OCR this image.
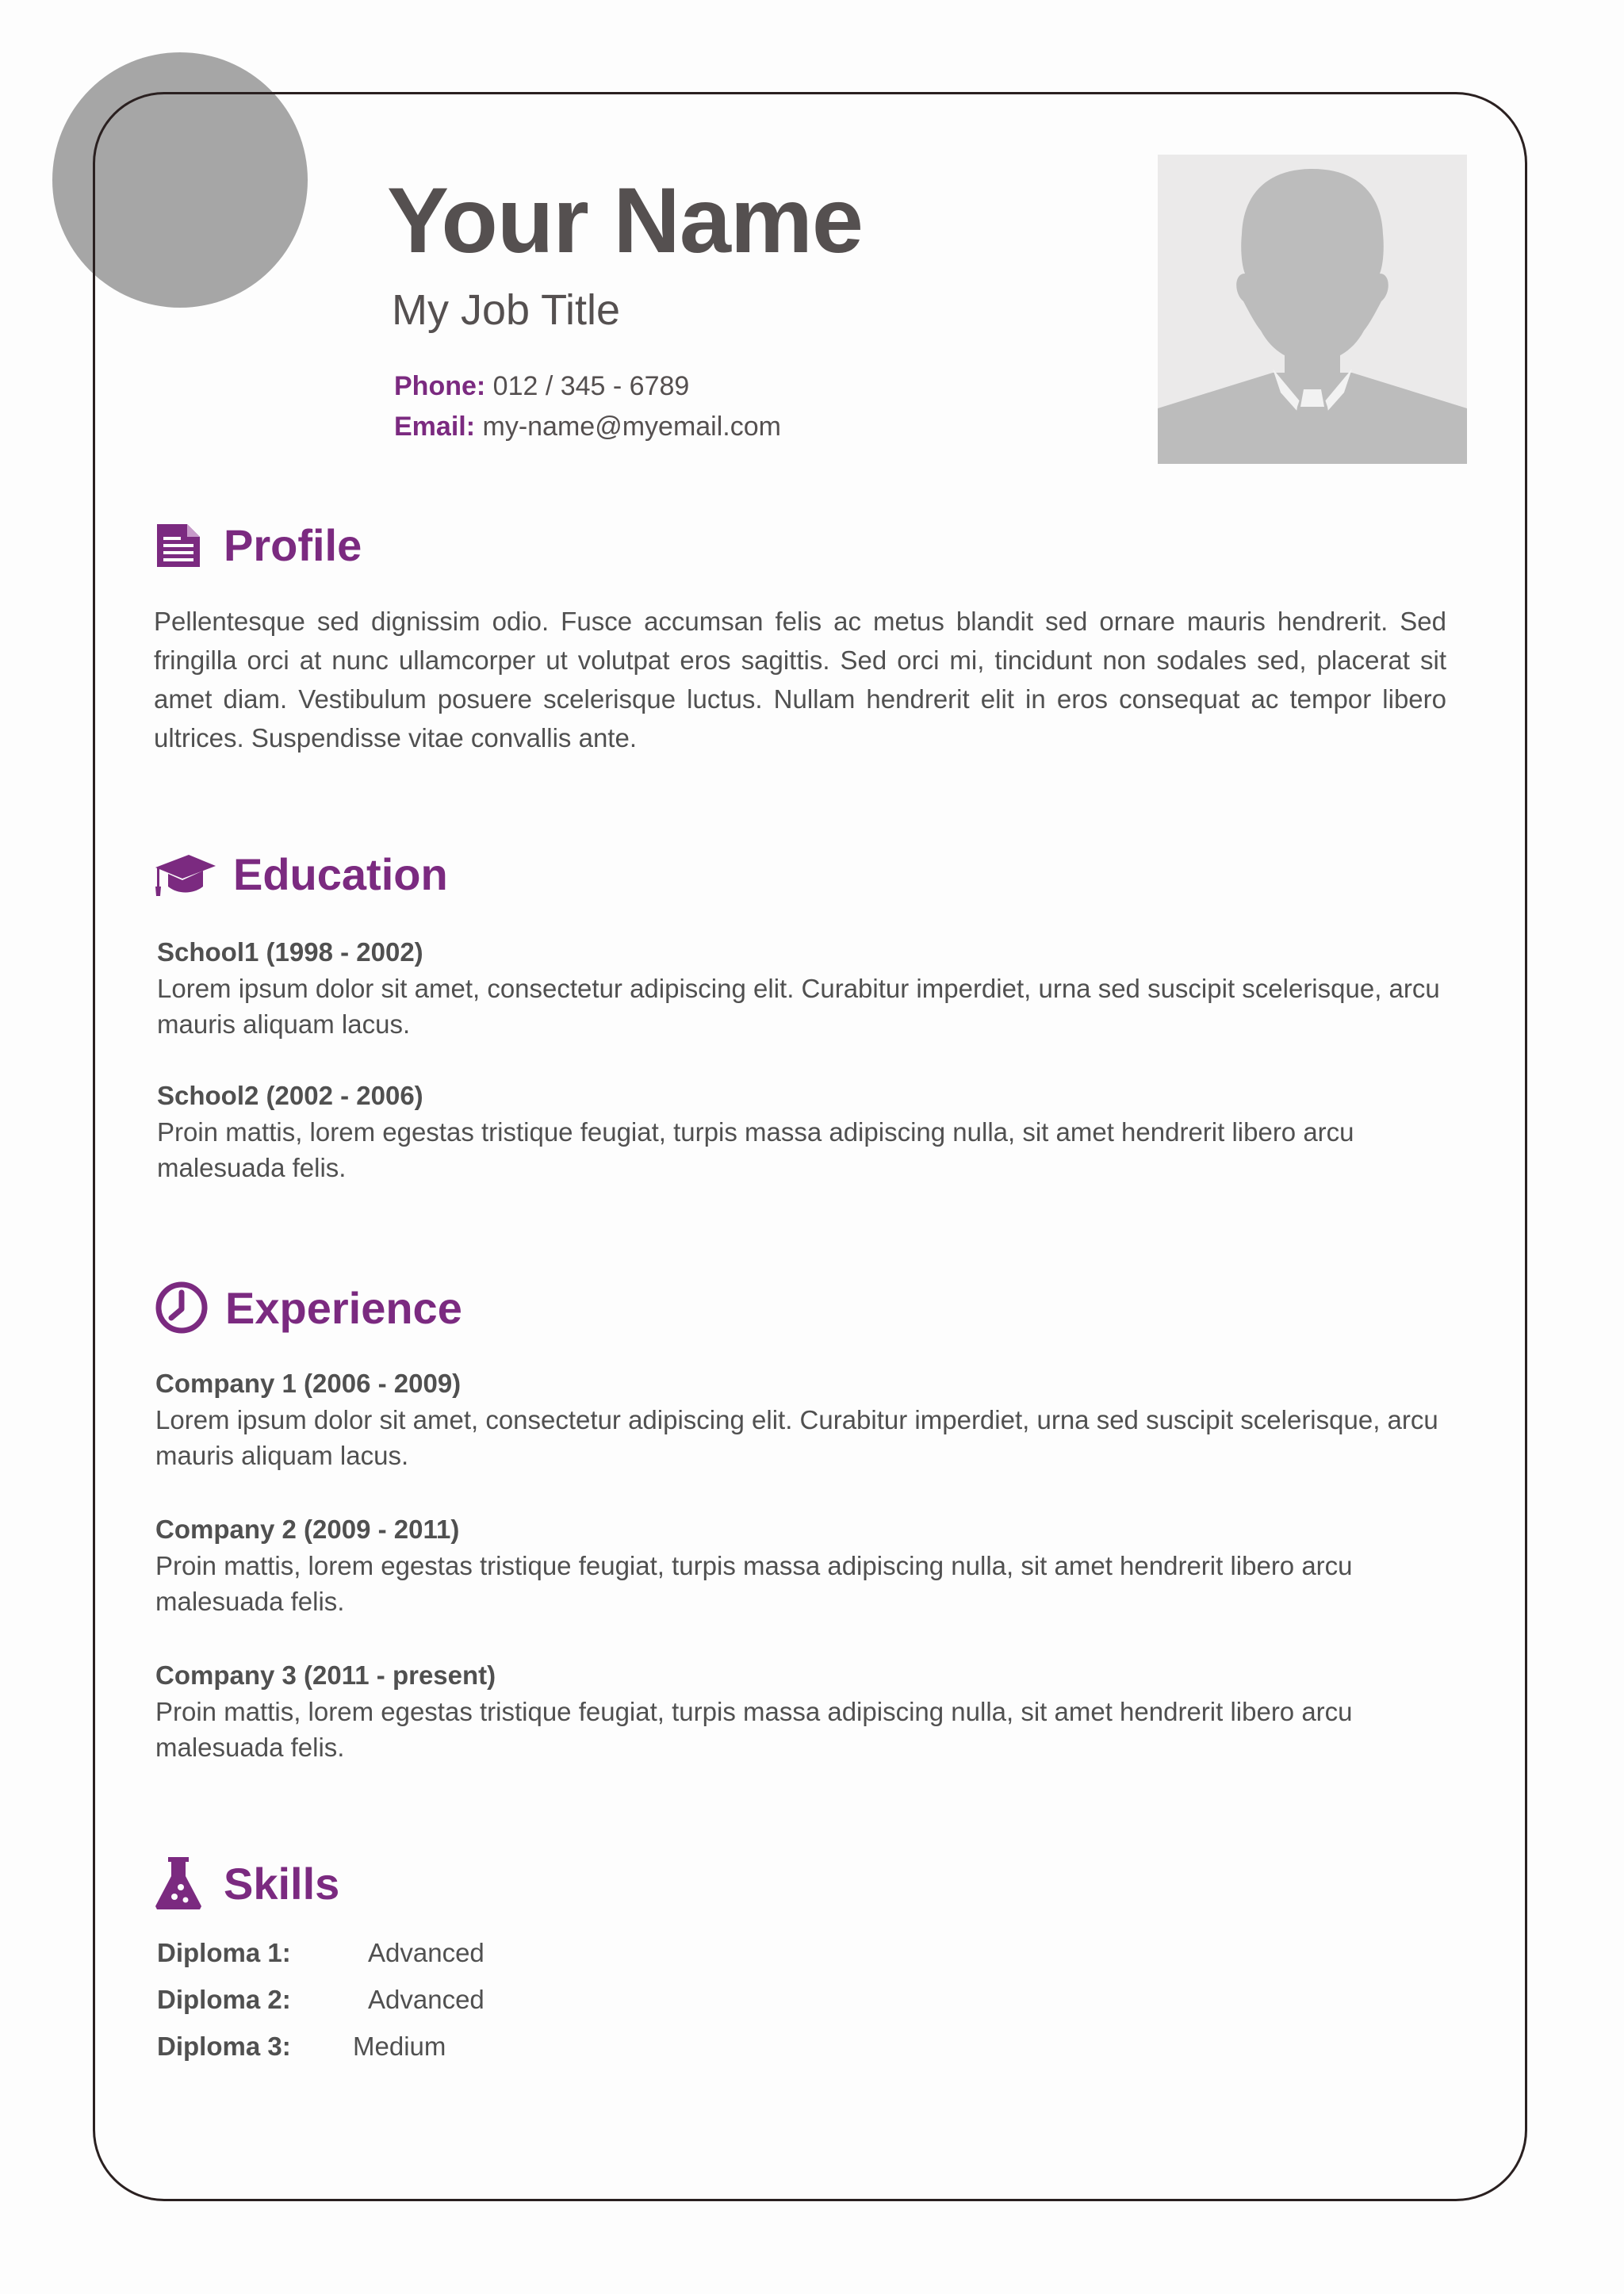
Your Name
My Job Title
Phone: 012 / 345 - 6789
Email: my-name@myemail.com
Profile
Pellentesque sed dignissim odio. Fusce accumsan felis ac metus blandit sed ornare mauris hendrerit. Sed fringilla orci at nunc ullamcorper ut volutpat eros sagittis. Sed orci mi, tincidunt non sodales sed, placerat sit amet diam. Vestibulum posuere scelerisque luctus. Nullam hendrerit elit in eros consequat ac tempor libero ultrices. Suspendisse vitae convallis ante.
Education
School1 (1998 - 2002)
Lorem ipsum dolor sit amet, consectetur adipiscing elit. Curabitur imperdiet, urna sed suscipit scelerisque, arcu mauris aliquam lacus.
School2 (2002 - 2006)
Proin mattis, lorem egestas tristique feugiat, turpis massa adipiscing nulla, sit amet hendrerit libero arcu malesuada felis.
Experience
Company 1 (2006 - 2009)
Lorem ipsum dolor sit amet, consectetur adipiscing elit. Curabitur imperdiet, urna sed suscipit scelerisque, arcu mauris aliquam lacus.
Company 2 (2009 - 2011)
Proin mattis, lorem egestas tristique feugiat, turpis massa adipiscing nulla, sit amet hendrerit libero arcu malesuada felis.
Company 3 (2011 - present)
Proin mattis, lorem egestas tristique feugiat, turpis massa adipiscing nulla, sit amet hendrerit libero arcu malesuada felis.
Skills
Diploma 1:	Advanced
Diploma 2:	Advanced
Diploma 3: Medium
